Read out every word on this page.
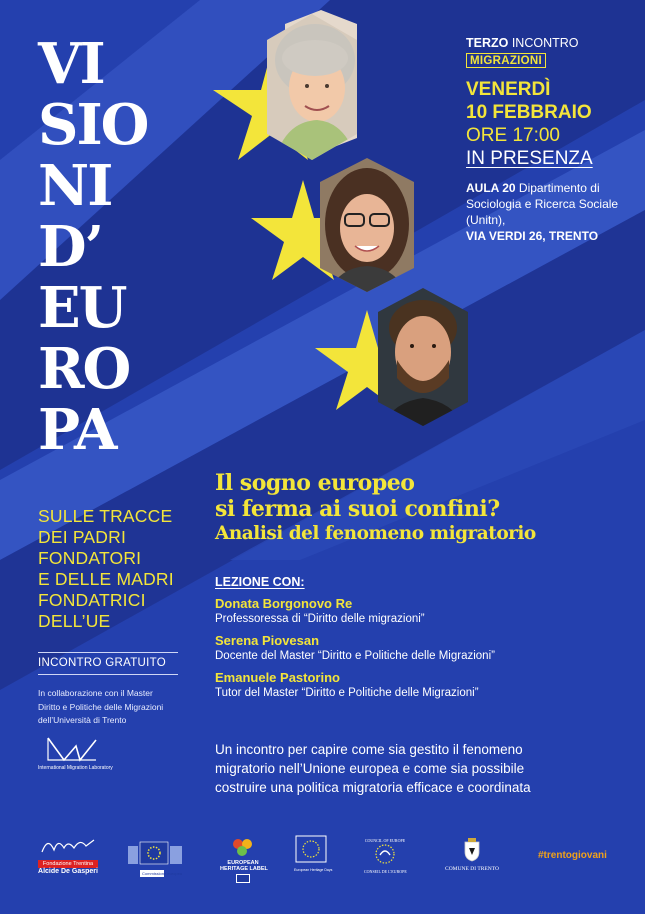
VI
SIO
NI
D’
EU
RO
PA
SULLE TRACCE
DEI PADRI
FONDATORI
E DELLE MADRI
FONDATRICI
DELL’UE
INCONTRO GRATUITO
In collaborazione con il Master
Diritto e Politiche delle Migrazioni
dell’Università di Trento
International Migration Laboratory
TERZO INCONTRO
MIGRAZIONI
VENERDÌ
10 FEBBRAIO
ORE 17:00
IN PRESENZA
AULA 20 Dipartimento di Sociologia e Ricerca Sociale (Unitn),
VIA VERDI 26, TRENTO
Il sogno europeo
si ferma ai suoi confini?
Analisi del fenomeno migratorio
LEZIONE CON:
Donata Borgonovo Re
Professoressa di “Diritto delle migrazioni”
Serena Piovesan
Docente del Master “Diritto e Politiche delle Migrazioni”
Emanuele Pastorino
Tutor del Master “Diritto e Politiche delle Migrazioni”
Un incontro per capire come sia gestito il fenomeno
migratorio nell’Unione europea e come sia possibile
costruire una politica migratoria efficace e coordinata
Fondazione Trentina
Alcide De Gasperi	Commissione europea
EUROPEAN
HERITAGE LABEL	European Heritage Days
COUNCIL OF EUROPE
CONSEIL DE L'EUROPE	COMUNE DI TRENTO
#trentogiovani
